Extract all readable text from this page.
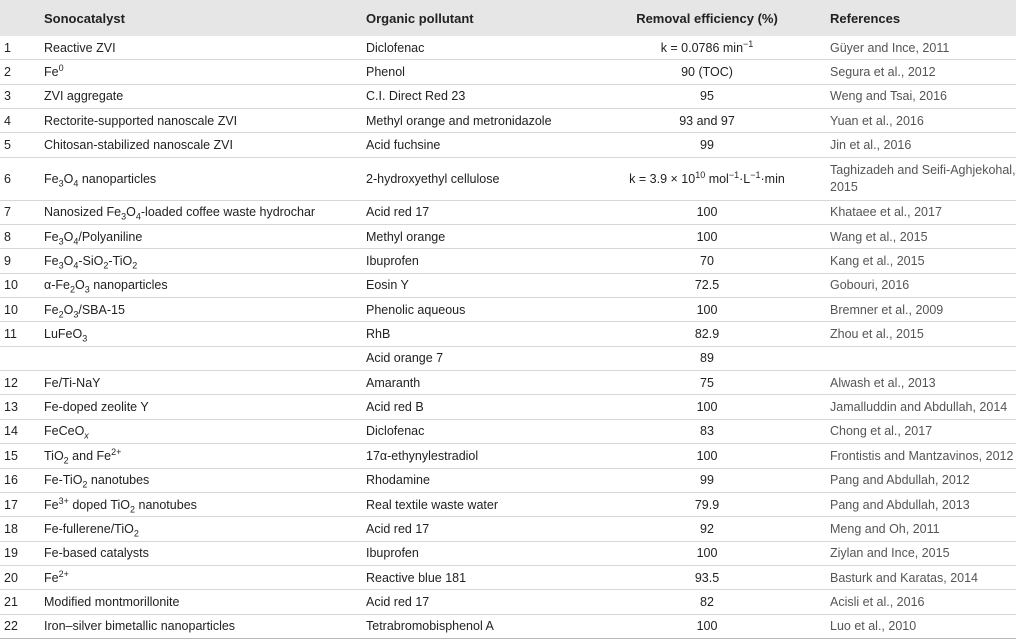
	Sonocatalyst	Organic pollutant	Removal efficiency (%)	References
1	Reactive ZVI	Diclofenac	k = 0.0786 $\min^{-1}$	Güyer and Ince, 2011
2	Fe$^0$	Phenol	90 (TOC)	Segura et al., 2012
3	ZVI aggregate	C.I. Direct Red 23	95	Weng and Tsai, 2016
4	Rectorite-supported nanoscale ZVI	Methyl orange and metronidazole	93 and 97	Yuan et al., 2016
5	Chitosan-stabilized nanoscale ZVI	Acid fuchsine	99	Jin et al., 2016
6	$Fe_3O_4$ nanoparticles	2-hydroxyethyl cellulose	$k = 3.9 \times 10^{10}$ $mol^{-1}\cdot L^{-1}\cdot\min$	Taghizadeh and Seifi-Aghjekohal, 2015
7	Nanosized $Fe_3O_4$-loaded coffee waste hydrochar	Acid red 17	100	Khataee et al., 2017
8	$Fe_3O_4$/Polyaniline	Methyl orange	100	Wang et al., 2015
9	$Fe_3O_4-SiO_2-TiO_2$	Ibuprofen	70	Kang et al., 2015
10	$\alpha-Fe_2O_3$ nanoparticles	Eosin Y	72.5	Gobouri, 2016
10	$Fe_2O_3/SBA-15$	Phenolic aqueous	100	Bremner et al., 2009
11	LuFeO$_3$	RhB	82.9	Zhou et al., 2015
		Acid orange 7	89	
12	Fe/Ti-NaY	Amaranth	75	Alwash et al., 2013
13	Fe-doped zeolite Y	Acid red B	100	Jamalluddin and Abdullah, 2014
14	FeCeO$_x$	Diclofenac	83	Chong et al., 2017
15	TiO$_2$ and $Fe^{2+}$	17α-ethynylestradiol	100	Frontistis and Mantzavinos, 2012
16	Fe-TiO$_2$ nanotubes	Rhodamine	99	Pang and Abdullah, 2012
17	$Fe^{3+}$ doped TiO$_2$ nanotubes	Real textile waste water	79.9	Pang and Abdullah, 2013
18	Fe-fullerene/TiO$_2$	Acid red 17	92	Meng and Oh, 2011
19	Fe-based catalysts	Ibuprofen	100	Ziylan and Ince, 2015
20	$Fe^{2+}$	Reactive blue 181	93.5	Basturk and Karatas, 2014
21	Modified montmorillonite	Acid red 17	82	Acisli et al., 2016
22	Iron–silver bimetallic nanoparticles	Tetrabromobisphenol A	100	Luo et al., 2010
